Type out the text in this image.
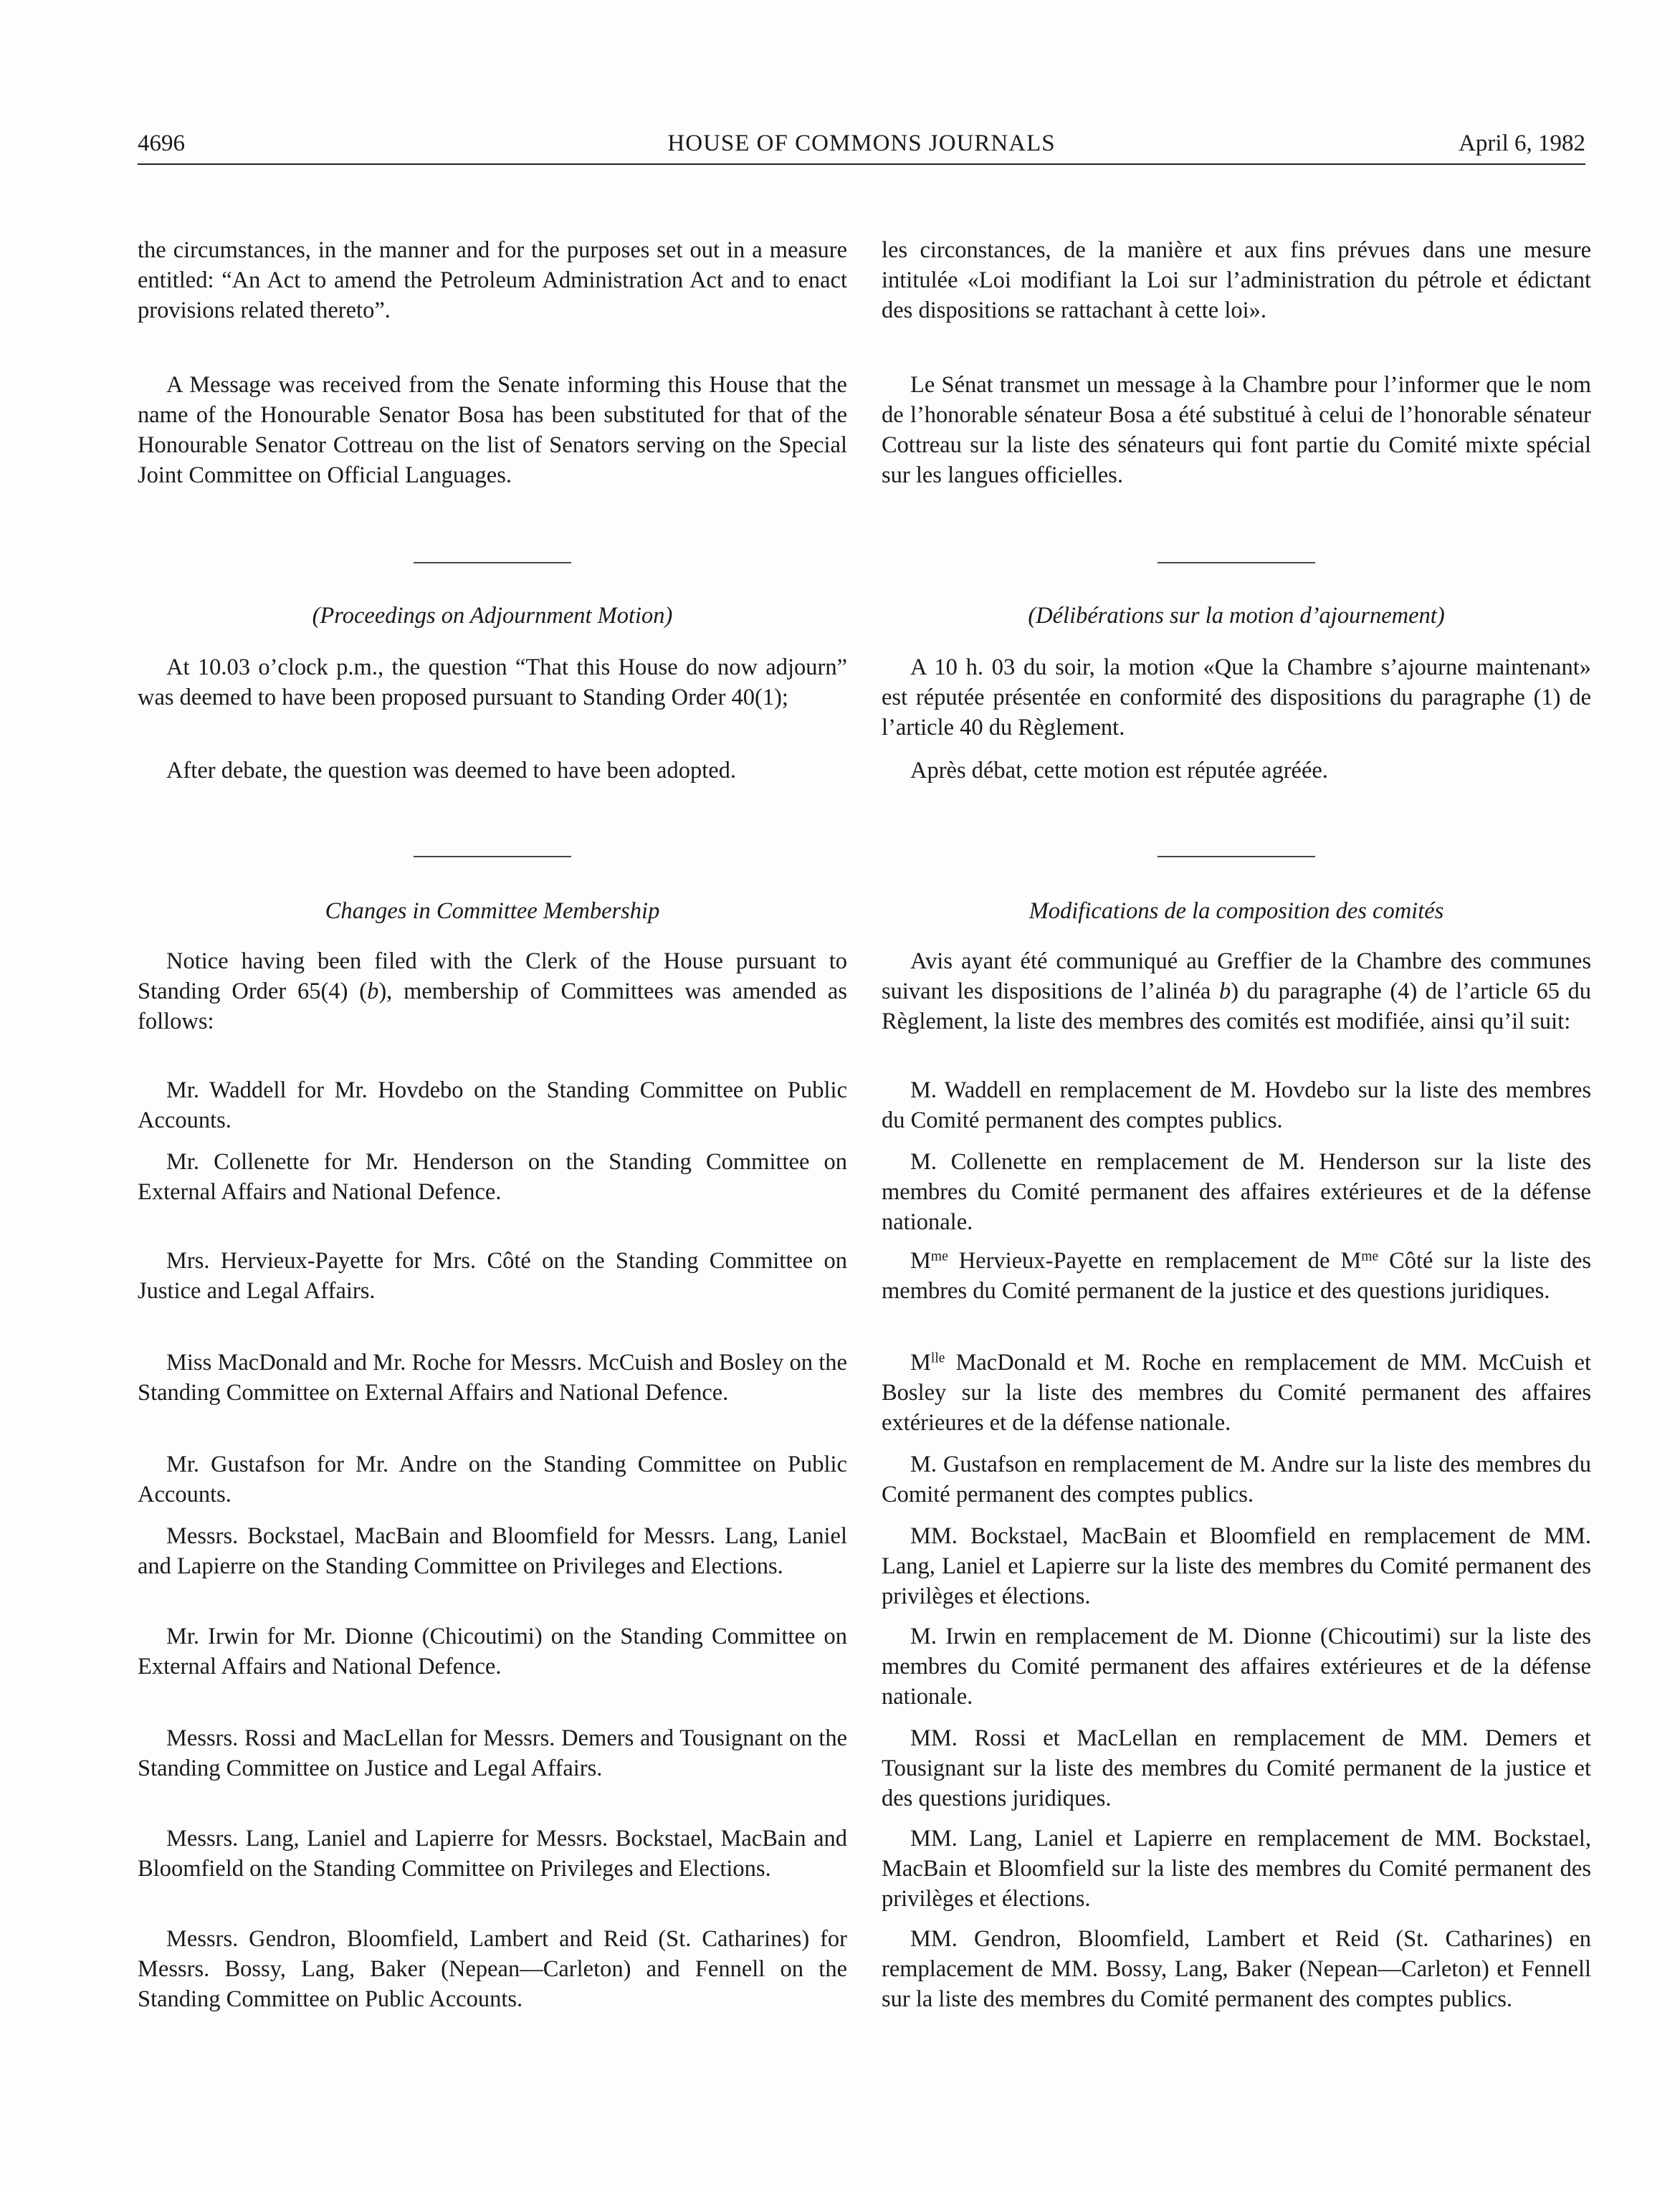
4696	HOUSE OF COMMONS JOURNALS	April 6, 1982

the circumstances, in the manner and for the purposes set out in a measure entitled: “An Act to amend the Petroleum Administration Act and to enact provisions related thereto”.

A Message was received from the Senate informing this House that the name of the Honourable Senator Bosa has been substituted for that of the Honourable Senator Cottreau on the list of Senators serving on the Special Joint Committee on Official Languages.

(Proceedings on Adjournment Motion)

At 10.03 o’clock p.m., the question “That this House do now adjourn” was deemed to have been proposed pursuant to Standing Order 40(1);

After debate, the question was deemed to have been adopted.

Changes in Committee Membership

Notice having been filed with the Clerk of the House pursuant to Standing Order 65(4) (b), membership of Committees was amended as follows:

Mr. Waddell for Mr. Hovdebo on the Standing Committee on Public Accounts.

Mr. Collenette for Mr. Henderson on the Standing Committee on External Affairs and National Defence.

Mrs. Hervieux-Payette for Mrs. Côté on the Standing Committee on Justice and Legal Affairs.

Miss MacDonald and Mr. Roche for Messrs. McCuish and Bosley on the Standing Committee on External Affairs and National Defence.

Mr. Gustafson for Mr. Andre on the Standing Committee on Public Accounts.

Messrs. Bockstael, MacBain and Bloomfield for Messrs. Lang, Laniel and Lapierre on the Standing Committee on Privileges and Elections.

Mr. Irwin for Mr. Dionne (Chicoutimi) on the Standing Committee on External Affairs and National Defence.

Messrs. Rossi and MacLellan for Messrs. Demers and Tousignant on the Standing Committee on Justice and Legal Affairs.

Messrs. Lang, Laniel and Lapierre for Messrs. Bockstael, MacBain and Bloomfield on the Standing Committee on Privileges and Elections.

Messrs. Gendron, Bloomfield, Lambert and Reid (St. Catharines) for Messrs. Bossy, Lang, Baker (Nepean—Carleton) and Fennell on the Standing Committee on Public Accounts.

les circonstances, de la manière et aux fins prévues dans une mesure intitulée «Loi modifiant la Loi sur l’administration du pétrole et édictant des dispositions se rattachant à cette loi».

Le Sénat transmet un message à la Chambre pour l’informer que le nom de l’honorable sénateur Bosa a été substitué à celui de l’honorable sénateur Cottreau sur la liste des sénateurs qui font partie du Comité mixte spécial sur les langues officielles.

(Délibérations sur la motion d’ajournement)

A 10 h. 03 du soir, la motion «Que la Chambre s’ajourne maintenant» est réputée présentée en conformité des dispositions du paragraphe (1) de l’article 40 du Règlement.

Après débat, cette motion est réputée agréée.

Modifications de la composition des comités

Avis ayant été communiqué au Greffier de la Chambre des communes suivant les dispositions de l’alinéa b) du paragraphe (4) de l’article 65 du Règlement, la liste des membres des comités est modifiée, ainsi qu’il suit:

M. Waddell en remplacement de M. Hovdebo sur la liste des membres du Comité permanent des comptes publics.

M. Collenette en remplacement de M. Henderson sur la liste des membres du Comité permanent des affaires extérieures et de la défense nationale.

$M^{me}$ Hervieux-Payette en remplacement de $M^{me}$ Côté sur la liste des membres du Comité permanent de la justice et des questions juridiques.

$M^{lle}$ MacDonald et M. Roche en remplacement de MM. McCuish et Bosley sur la liste des membres du Comité permanent des affaires extérieures et de la défense nationale.

M. Gustafson en remplacement de M. Andre sur la liste des membres du Comité permanent des comptes publics.

MM. Bockstael, MacBain et Bloomfield en remplacement de MM. Lang, Laniel et Lapierre sur la liste des membres du Comité permanent des privilèges et élections.

M. Irwin en remplacement de M. Dionne (Chicoutimi) sur la liste des membres du Comité permanent des affaires extérieures et de la défense nationale.

MM. Rossi et MacLellan en remplacement de MM. Demers et Tousignant sur la liste des membres du Comité permanent de la justice et des questions juridiques.

MM. Lang, Laniel et Lapierre en remplacement de MM. Bockstael, MacBain et Bloomfield sur la liste des membres du Comité permanent des privilèges et élections.

MM. Gendron, Bloomfield, Lambert et Reid (St. Catharines) en remplacement de MM. Bossy, Lang, Baker (Nepean—Carleton) et Fennell sur la liste des membres du Comité permanent des comptes publics.
